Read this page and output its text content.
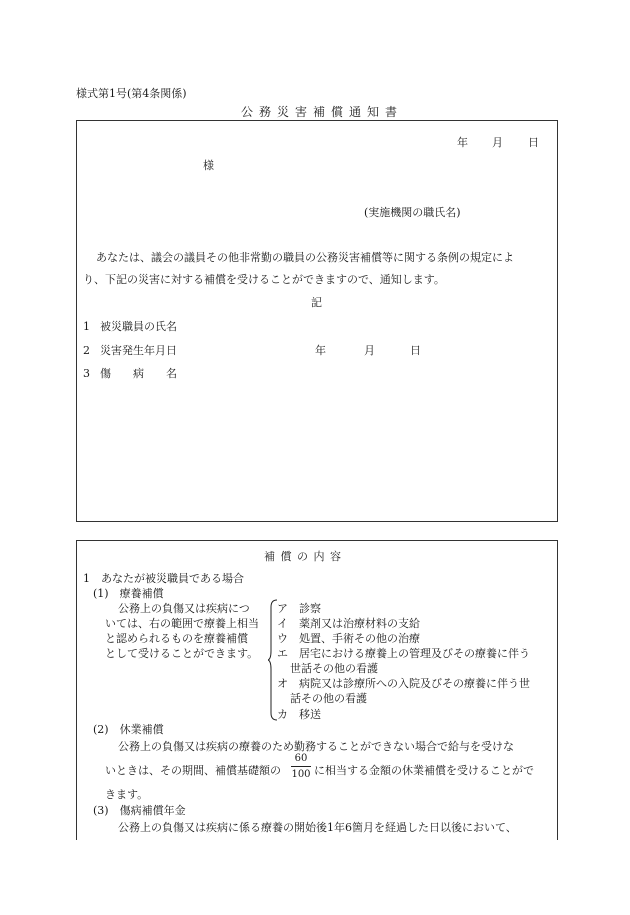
様式第1号(第4条関係)
公務災害補償通知書
年 月 日
様
(実施機関の職氏名)
あなたは、議会の議員その他非常勤の職員の公務災害補償等に関する条例の規定によ
り、下記の災害に対する補償を受けることができますので、通知します。
記
1 被災職員の氏名
2 災害発生年月日	年	月	日
3 傷　　病　　名
補償の内容
1　あなたが被災職員である場合
(1)　療養補償
公務上の負傷又は疾病につ
いては、右の範囲で療養上相当
と認められるものを療養補償
として受けることができます。
ア　診察
イ　薬剤又は治療材料の支給
ウ　処置、手術その他の治療
エ　居宅における療養上の管理及びその療養に伴う
世話その他の看護
オ　病院又は診療所への入院及びその療養に伴う世
話その他の看護
カ　移送
(2)　休業補償
公務上の負傷又は疾病の療養のため勤務することができない場合で給与を受けな
いときは、その期間、補償基礎額の
60
100 に相当する金額の休業補償を受けることがで
きます。
(3)　傷病補償年金
公務上の負傷又は疾病に係る療養の開始後1年6箇月を経過した日以後において、
